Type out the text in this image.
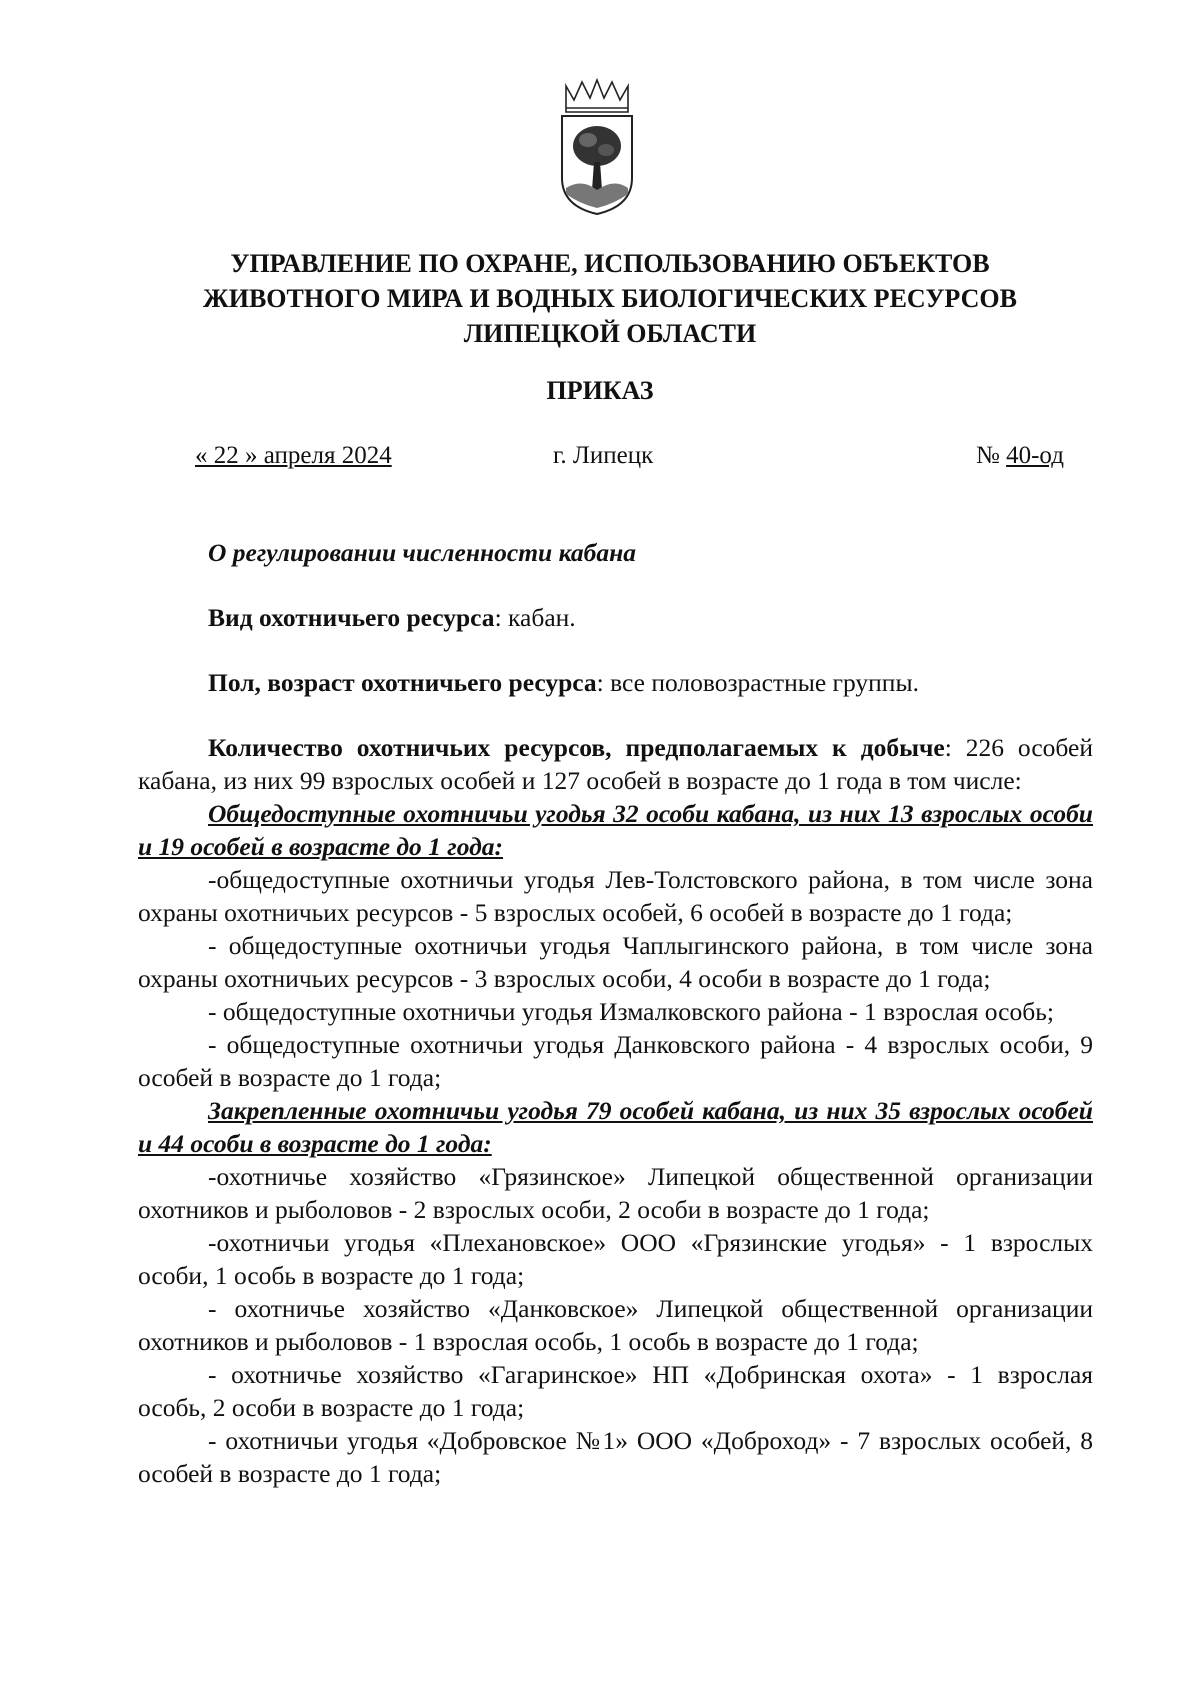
УПРАВЛЕНИЕ ПО ОХРАНЕ, ИСПОЛЬЗОВАНИЮ ОБЪЕКТОВ
ЖИВОТНОГО МИРА И ВОДНЫХ БИОЛОГИЧЕСКИХ РЕСУРСОВ
ЛИПЕЦКОЙ ОБЛАСТИ
ПРИКАЗ
« 22 » апреля 2024	г. Липецк	№ 40-од

О регулировании численности кабана

Вид охотничьего ресурса: кабан.

Пол, возраст охотничьего ресурса: все половозрастные группы.

Количество охотничьих ресурсов, предполагаемых к добыче: 226 особей кабана, из них 99 взрослых особей и 127 особей в возрасте до 1 года в том числе:

Общедоступные охотничьи угодья 32 особи кабана, из них 13 взрослых особи и 19 особей в возрасте до 1 года:

-общедоступные охотничьи угодья Лев-Толстовского района, в том числе зона охраны охотничьих ресурсов - 5 взрослых особей, 6 особей в возрасте до 1 года;

- общедоступные охотничьи угодья Чаплыгинского района, в том числе зона охраны охотничьих ресурсов - 3 взрослых особи, 4 особи в возрасте до 1 года;

- общедоступные охотничьи угодья Измалковского района - 1 взрослая особь;

- общедоступные охотничьи угодья Данковского района - 4 взрослых особи, 9 особей в возрасте до 1 года;

Закрепленные охотничьи угодья 79 особей кабана, из них 35 взрослых особей и 44 особи в возрасте до 1 года:

-охотничье хозяйство «Грязинское» Липецкой общественной организации охотников и рыболовов - 2 взрослых особи, 2 особи в возрасте до 1 года;

-охотничьи угодья «Плехановское» ООО «Грязинские угодья» - 1 взрослых особи, 1 особь в возрасте до 1 года;

- охотничье хозяйство «Данковское» Липецкой общественной организации охотников и рыболовов - 1 взрослая особь, 1 особь в возрасте до 1 года;

- охотничье хозяйство «Гагаринское» НП «Добринская охота» - 1 взрослая особь, 2 особи в возрасте до 1 года;

- охотничьи угодья «Добровское №1» ООО «Доброход» - 7 взрослых особей, 8 особей в возрасте до 1 года;
